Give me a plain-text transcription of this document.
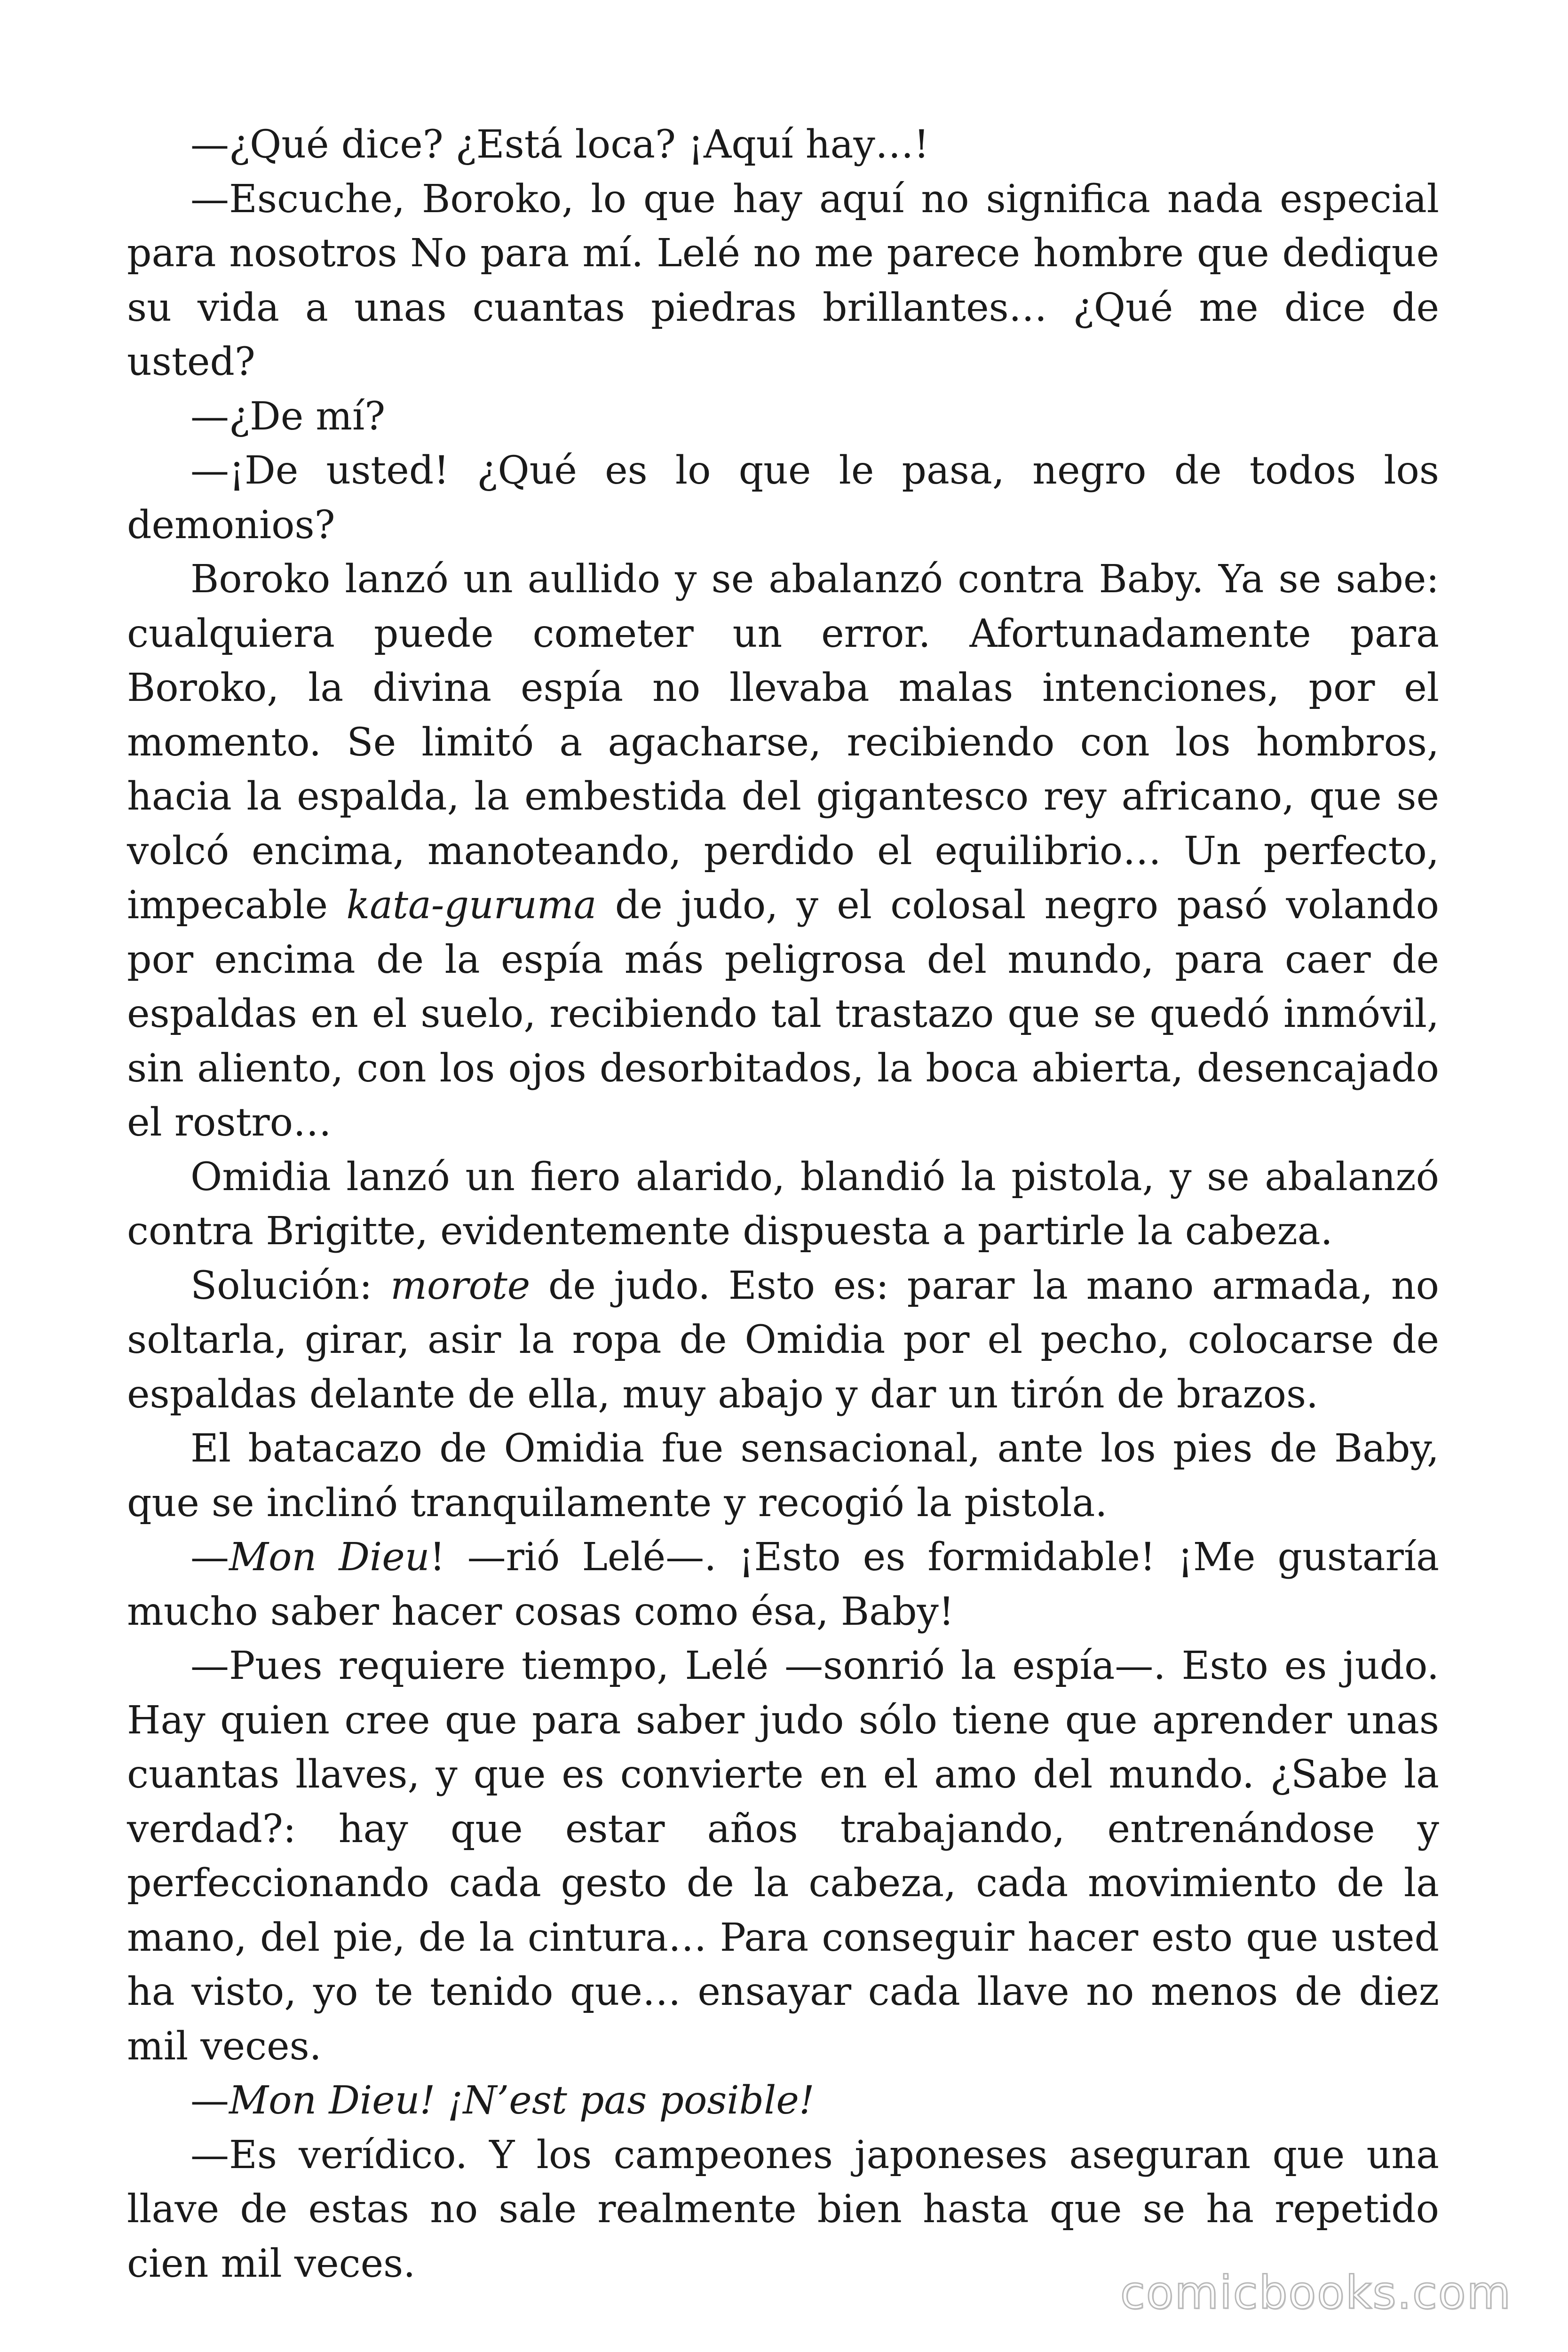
—¿Qué dice? ¿Está loca? ¡Aquí hay…!

—Escuche, Boroko, lo que hay aquí no significa nada especial para nosotros No para mí. Lelé no me parece hombre que dedique su vida a unas cuantas piedras brillantes… ¿Qué me dice de usted?

—¿De mí?

—¡De usted! ¿Qué es lo que le pasa, negro de todos los demonios?

Boroko lanzó un aullido y se abalanzó contra Baby. Ya se sabe: cualquiera puede cometer un error. Afortunadamente para Boroko, la divina espía no llevaba malas intenciones, por el momento. Se limitó a agacharse, recibiendo con los hombros, hacia la espalda, la embestida del gigantesco rey africano, que se volcó encima, manoteando, perdido el equilibrio… Un perfecto, impecable kata-guruma de judo, y el colosal negro pasó volando por encima de la espía más peligrosa del mundo, para caer de espaldas en el suelo, recibiendo tal trastazo que se quedó inmóvil, sin aliento, con los ojos desorbitados, la boca abierta, desencajado el rostro…

Omidia lanzó un fiero alarido, blandió la pistola, y se abalanzó contra Brigitte, evidentemente dispuesta a partirle la cabeza.

Solución: morote de judo. Esto es: parar la mano armada, no soltarla, girar, asir la ropa de Omidia por el pecho, colocarse de espaldas delante de ella, muy abajo y dar un tirón de brazos.

El batacazo de Omidia fue sensacional, ante los pies de Baby, que se inclinó tranquilamente y recogió la pistola.

—Mon Dieu! —rió Lelé—. ¡Esto es formidable! ¡Me gustaría mucho saber hacer cosas como ésa, Baby!

—Pues requiere tiempo, Lelé —sonrió la espía—. Esto es judo. Hay quien cree que para saber judo sólo tiene que aprender unas cuantas llaves, y que es convierte en el amo del mundo. ¿Sabe la verdad?: hay que estar años trabajando, entrenándose y perfeccionando cada gesto de la cabeza, cada movimiento de la mano, del pie, de la cintura… Para conseguir hacer esto que usted ha visto, yo te tenido que… ensayar cada llave no menos de diez mil veces.

—Mon Dieu! ¡N’est pas posible!

—Es verídico. Y los campeones japoneses aseguran que una llave de estas no sale realmente bien hasta que se ha repetido cien mil veces.

comicbooks.com
